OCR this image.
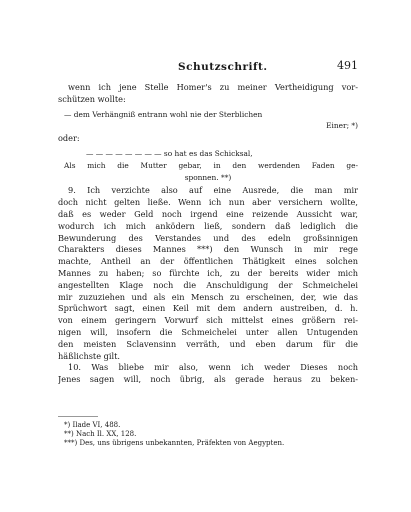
Schutzschrift.	491
wenn ich jene Stelle Homer's zu meiner Vertheidigung vor-
schützen wollte:
— dem Verhängniß entrann wohl nie der Sterblichen
Einer; *)
oder:
— — — — — — — — so hat es das Schicksal,
Als mich die Mutter gebar, in den werdenden Faden ge-
sponnen. **)
9. Ich verzichte also auf eine Ausrede, die man mir
doch nicht gelten ließe. Wenn ich nun aber versichern wollte,
daß es weder Geld noch irgend eine reizende Aussicht war,
wodurch ich mich anködern ließ, sondern daß lediglich die
Bewunderung des Verstandes und des edeln großsinnigen
Charakters dieses Mannes ***) den Wunsch in mir rege
machte, Antheil an der öffentlichen Thätigkeit eines solchen
Mannes zu haben; so fürchte ich, zu der bereits wider mich
angestellten Klage noch die Anschuldigung der Schmeichelei
mir zuzuziehen und als ein Mensch zu erscheinen, der, wie das
Sprüchwort sagt, einen Keil mit dem andern austreiben, d. h.
von einem geringern Vorwurf sich mittelst eines größern rei-
nigen will, insofern die Schmeichelei unter allen Untugenden
den meisten Sclavensinn verräth, und eben darum für die
häßlichste gilt.
10. Was bliebe mir also, wenn ich weder Dieses noch
Jenes sagen will, noch übrig, als gerade heraus zu beken-
*) Ilade VI, 488.
**) Nach Il. XX, 128.
***) Des, uns übrigens unbekannten, Präfekten von Aegypten.
